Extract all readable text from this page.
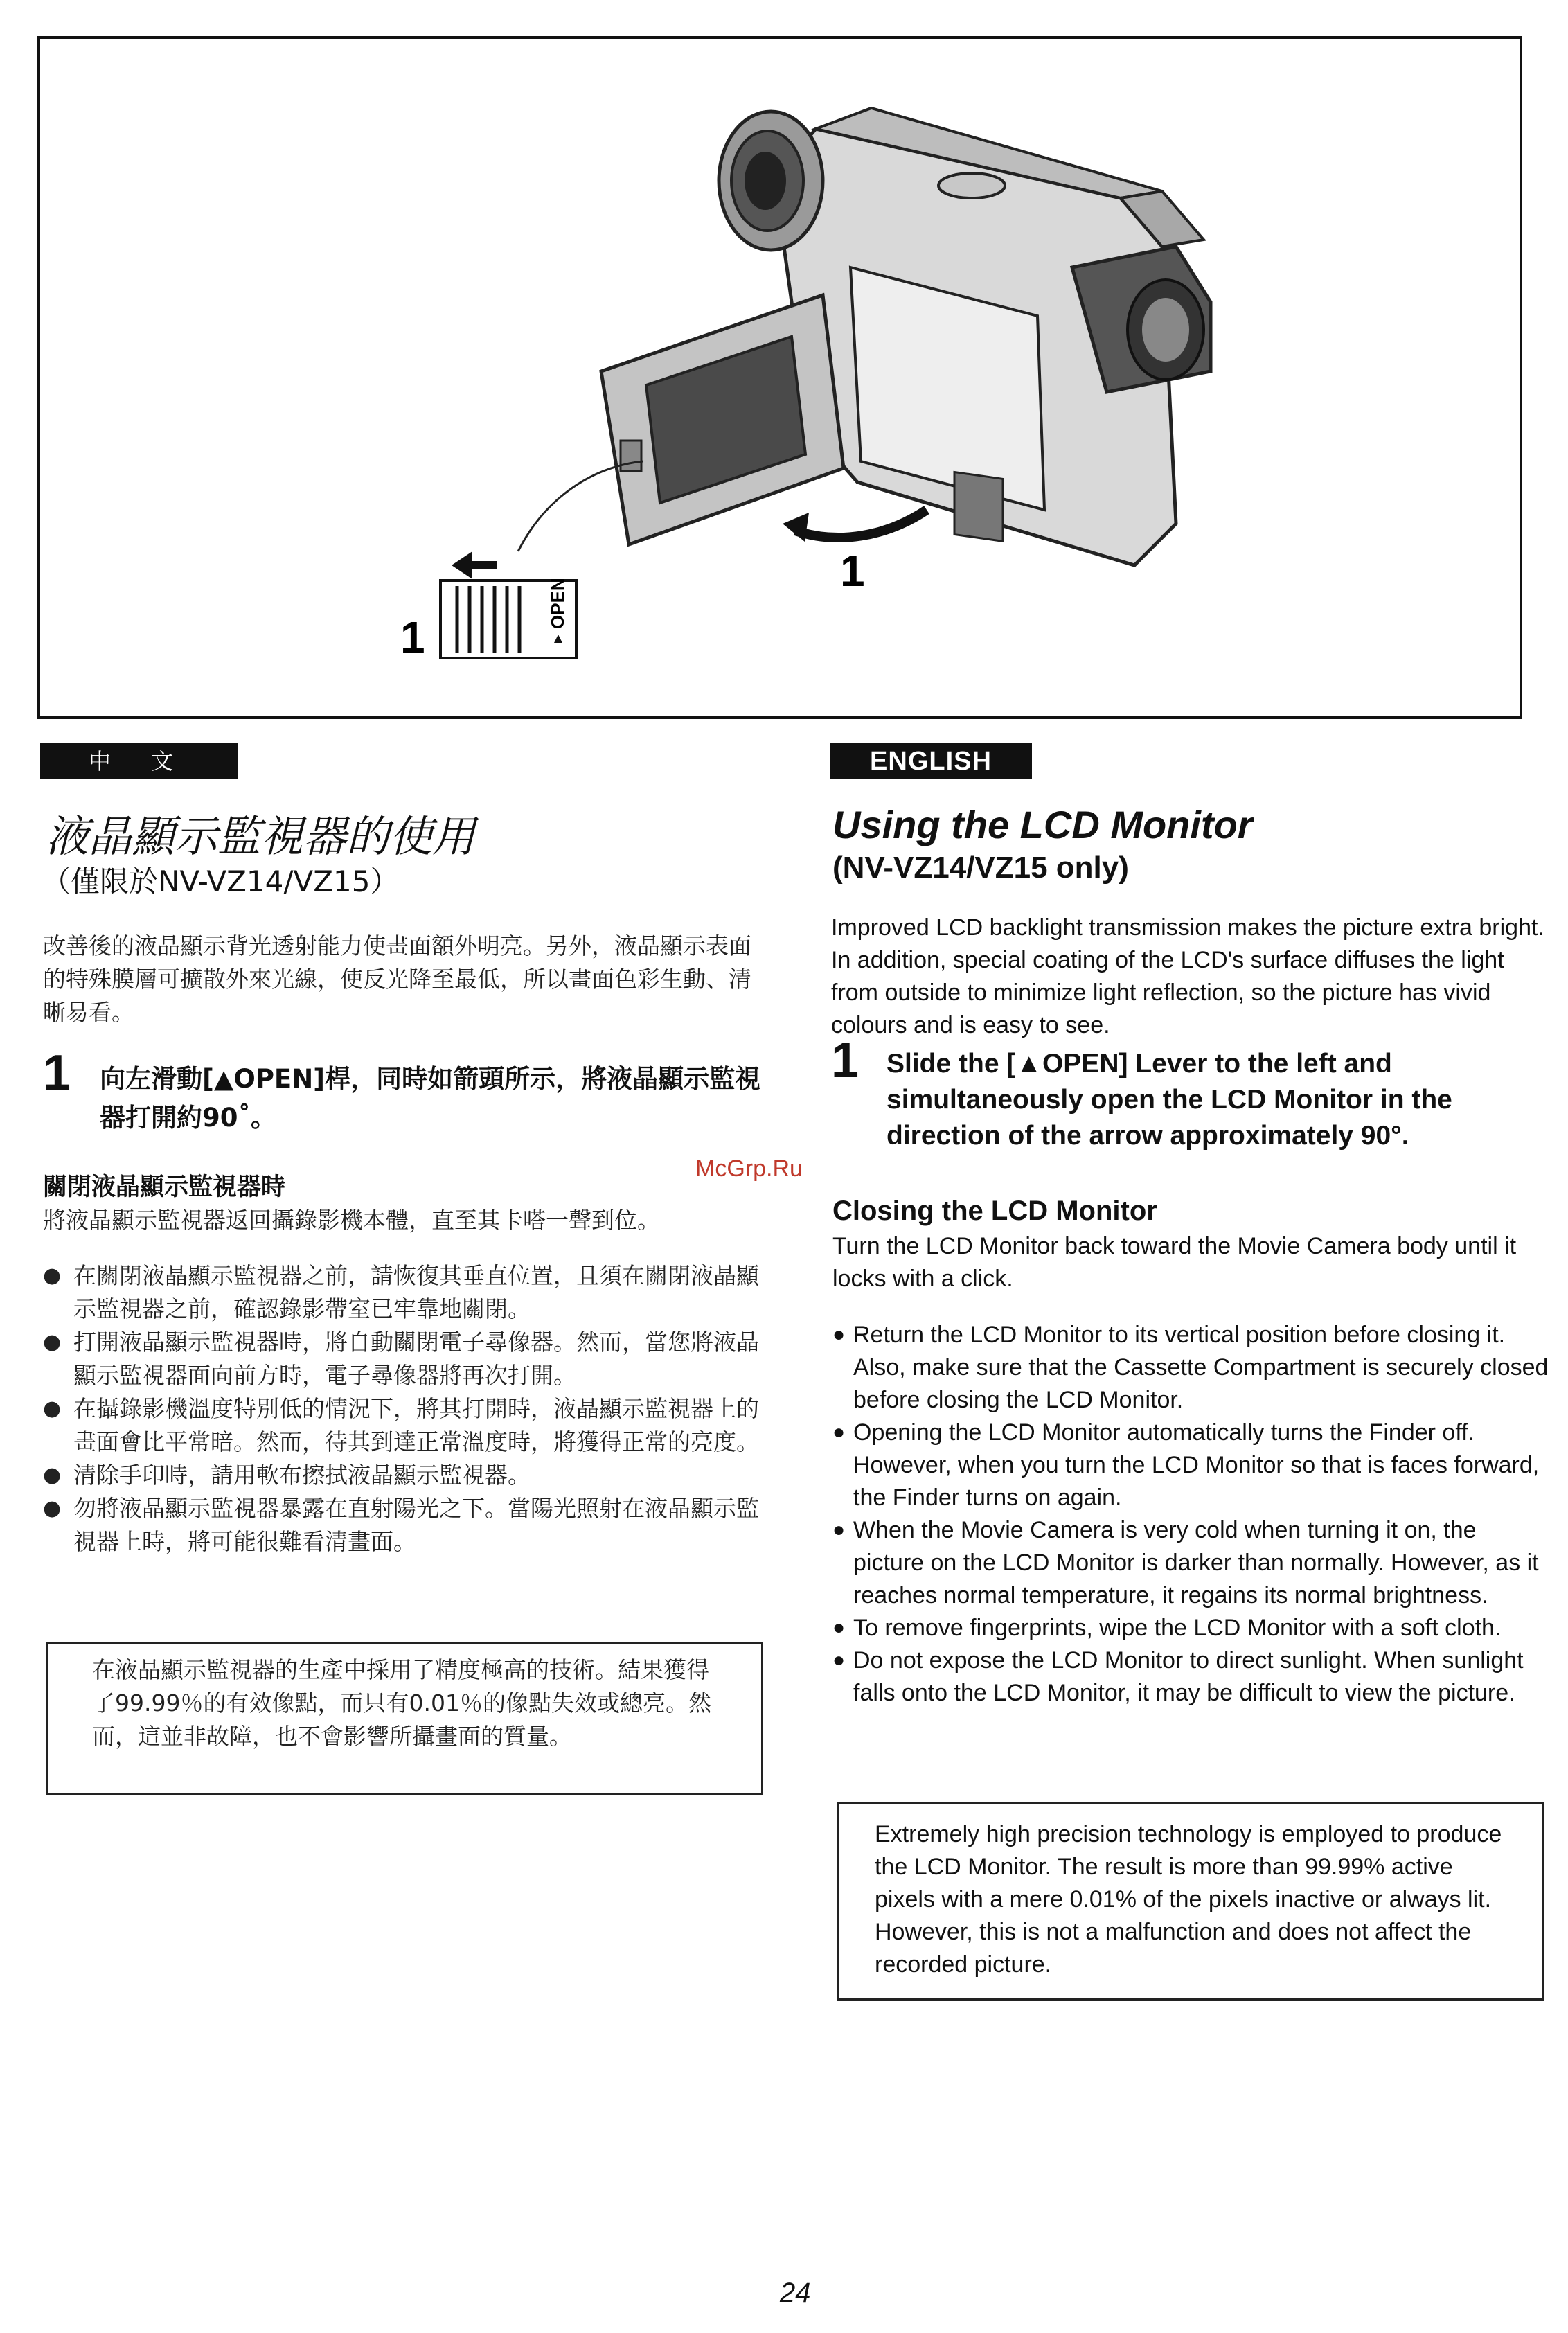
OPEN
1
1
中 文
液晶顯示監視器的使用
（僅限於NV-VZ14/VZ15）
改善後的液晶顯示背光透射能力使畫面額外明亮。另外，液晶顯示表面的特殊膜層可擴散外來光線，使反光降至最低，所以畫面色彩生動、清晰易看。
1 向左滑動[▲OPEN]桿，同時如箭頭所示，將液晶顯示監視器打開約90˚。
關閉液晶顯示監視器時
將液晶顯示監視器返回攝錄影機本體，直至其卡嗒一聲到位。
● 在關閉液晶顯示監視器之前，請恢復其垂直位置，且須在關閉液晶顯示監視器之前，確認錄影帶室已牢靠地關閉。
● 打開液晶顯示監視器時，將自動關閉電子尋像器。然而，當您將液晶顯示監視器面向前方時，電子尋像器將再次打開。
● 在攝錄影機溫度特別低的情況下，將其打開時，液晶顯示監視器上的畫面會比平常暗。然而，待其到達正常溫度時，將獲得正常的亮度。
● 清除手印時，請用軟布擦拭液晶顯示監視器。
● 勿將液晶顯示監視器暴露在直射陽光之下。當陽光照射在液晶顯示監視器上時，將可能很難看清畫面。
在液晶顯示監視器的生產中採用了精度極高的技術。結果獲得了99.99％的有效像點，而只有0.01％的像點失效或總亮。然而，這並非故障，也不會影響所攝畫面的質量。
ENGLISH
Using the LCD Monitor
(NV-VZ14/VZ15 only)
Improved LCD backlight transmission makes the picture extra bright. In addition, special coating of the LCD's surface diffuses the light from outside to minimize light reflection, so the picture has vivid colours and is easy to see.
1 Slide the [▲OPEN] Lever to the left and simultaneously open the LCD Monitor in the direction of the arrow approximately 90°.
Closing the LCD Monitor
Turn the LCD Monitor back toward the Movie Camera body until it locks with a click.
● Return the LCD Monitor to its vertical position before closing it. Also, make sure that the Cassette Compartment is securely closed before closing the LCD Monitor.
● Opening the LCD Monitor automatically turns the Finder off. However, when you turn the LCD Monitor so that is faces forward, the Finder turns on again.
● When the Movie Camera is very cold when turning it on, the picture on the LCD Monitor is darker than normally. However, as it reaches normal temperature, it regains its normal brightness.
● To remove fingerprints, wipe the LCD Monitor with a soft cloth.
● Do not expose the LCD Monitor to direct sunlight. When sunlight falls onto the LCD Monitor, it may be difficult to view the picture.
Extremely high precision technology is employed to produce the LCD Monitor. The result is more than 99.99% active pixels with a mere 0.01% of the pixels inactive or always lit. However, this is not a malfunction and does not affect the recorded picture.
McGrp.Ru
24
